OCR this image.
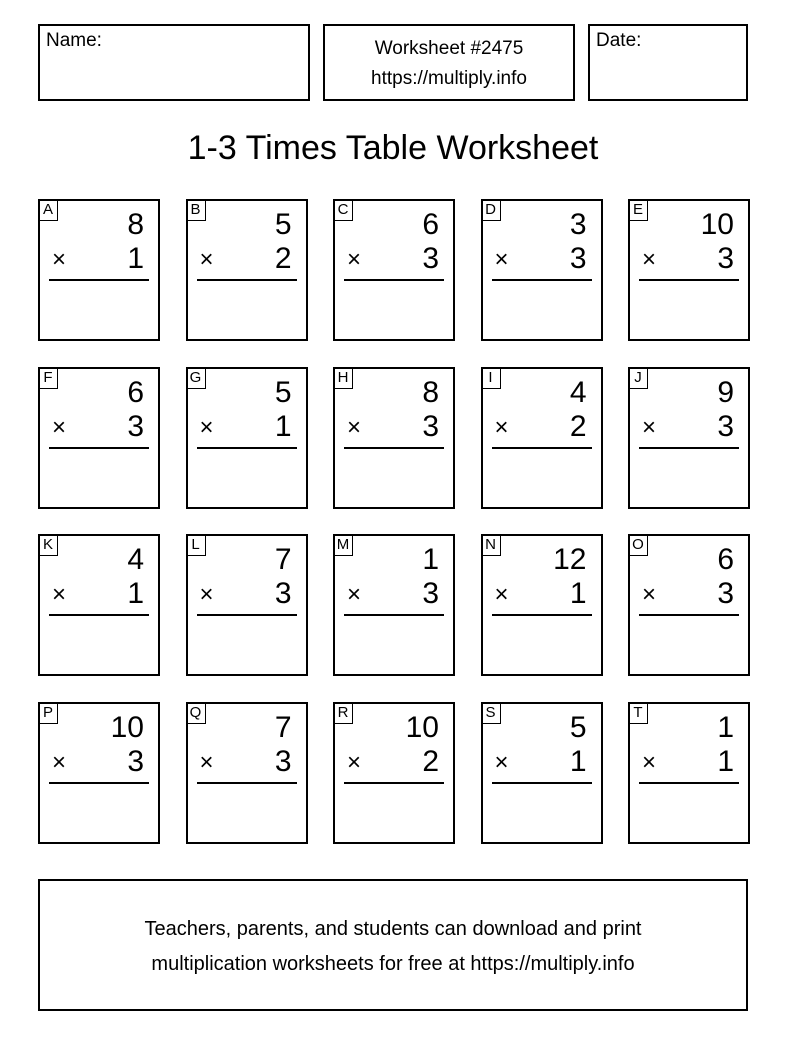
Name:	Worksheet #2475
https://multiply.info
Date:
1-3 Times Table Worksheet
A 8
× 1
B 5
× 2
C 6
× 3
D 3
× 3
E 10
× 3
F 6
× 3
G 5
× 1
H 8
× 3
I	4
× 2
J	9
× 3
K 4
× 1
L	7
× 3
M 1
× 3
N 12
× 1
O 6
× 3
P 10
× 3
Q 7
× 3
R 10
× 2
S 5
× 1
T 1
× 1
Teachers, parents, and students can download and print
multiplication worksheets for free at https://multiply.info
